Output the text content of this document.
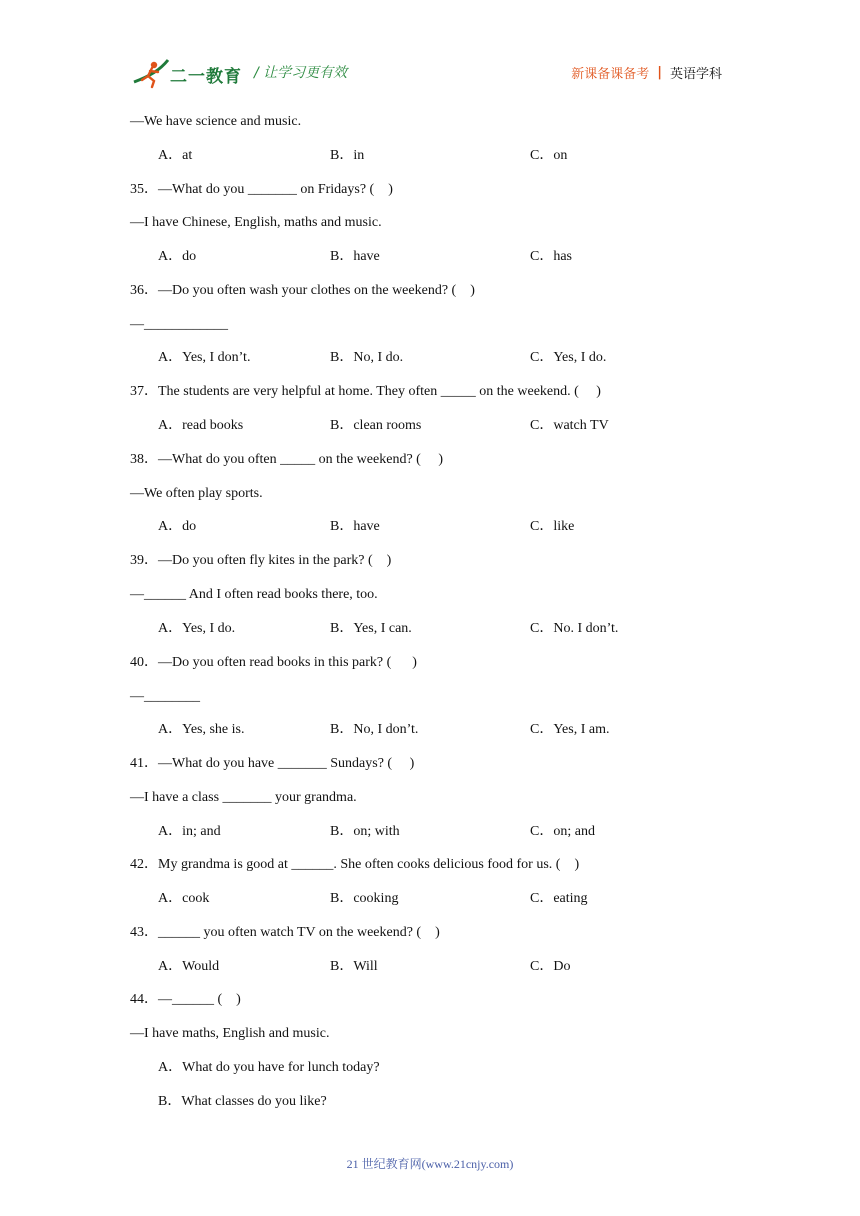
二一教育 / 让学习更有效	新课备课备考 | 英语学科
—We have science and music.
A．at	B．in	C．on
35．—What do you _______ on Fridays? (    )
—I have Chinese, English, maths and music.
A．do	B．have	C．has
36．—Do you often wash your clothes on the weekend? (    )
—____________
A．Yes, I don’t.	B．No, I do.	C．Yes, I do.
37．The students are very helpful at home. They often _____ on the weekend. (     )
A．read books	B．clean rooms	C．watch TV
38．—What do you often _____ on the weekend? (     )
—We often play sports.
A．do	B．have	C．like
39．—Do you often fly kites in the park? (    )
—______ And I often read books there, too.
A．Yes, I do.	B．Yes, I can.	C．No. I don’t.
40．—Do you often read books in this park? (      )
—________
A．Yes, she is.	B．No, I don’t.	C．Yes, I am.
41．—What do you have _______ Sundays? (     )
—I have a class _______ your grandma.
A．in; and	B．on; with	C．on; and
42．My grandma is good at ______. She often cooks delicious food for us. (    )
A．cook	B．cooking	C．eating
43．______ you often watch TV on the weekend? (    )
A．Would	B．Will	C．Do
44．—______ (    )
—I have maths, English and music.
A．What do you have for lunch today?
B．What classes do you like?
21 世纪教育网(www.21cnjy.com)
